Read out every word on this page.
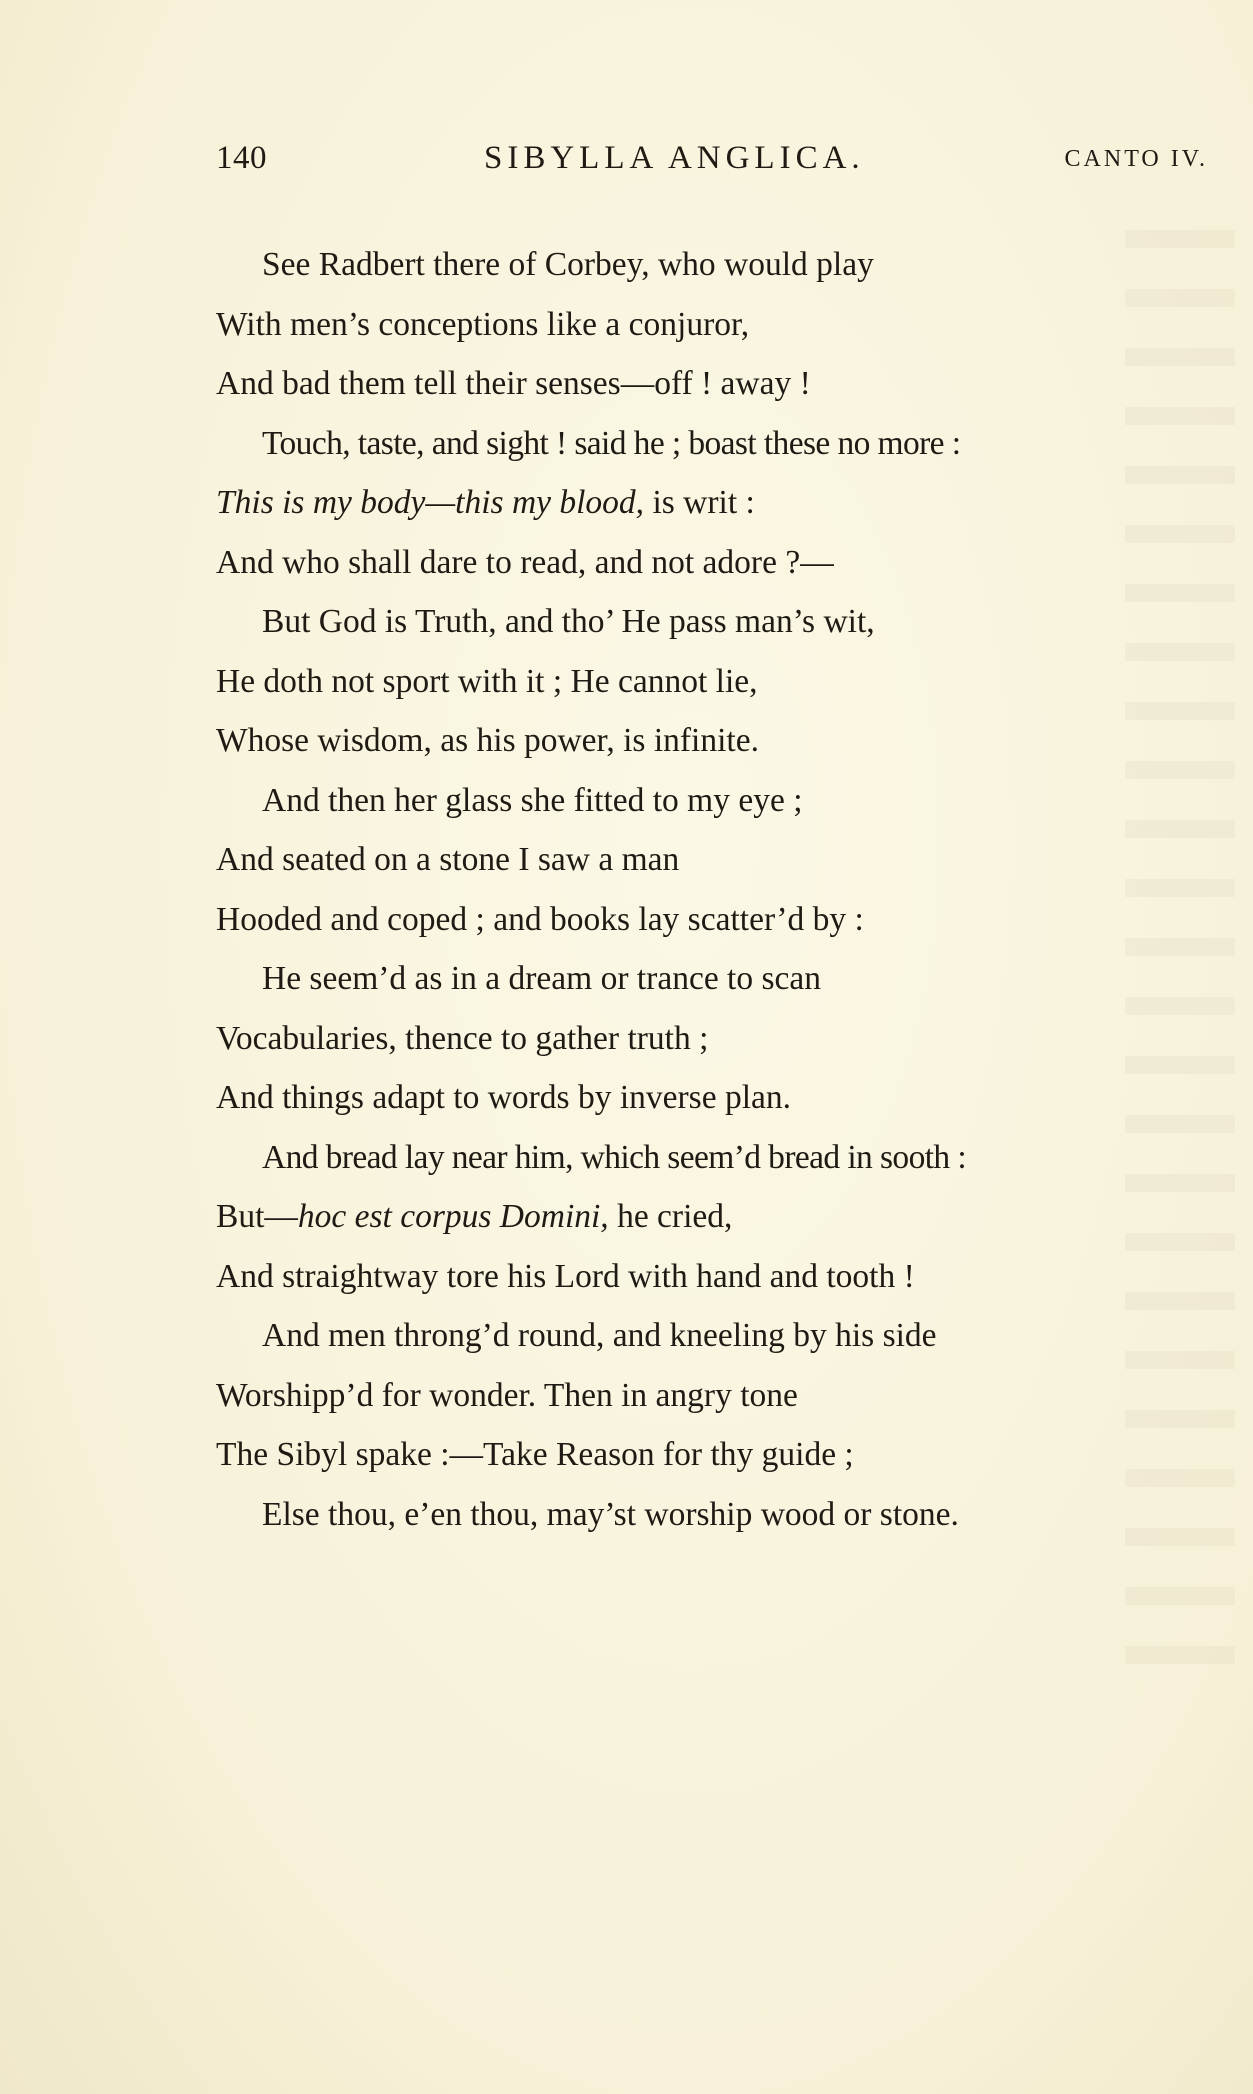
140	SIBYLLA ANGLICA.	CANTO IV.
See Radbert there of Corbey, who would play
With men’s conceptions like a conjuror,
And bad them tell their senses—off ! away !
Touch, taste, and sight ! said he ; boast these no more :
This is my body—this my blood, is writ :
And who shall dare to read, and not adore ?—
But God is Truth, and tho’ He pass man’s wit,
He doth not sport with it ; He cannot lie,
Whose wisdom, as his power, is infinite.
And then her glass she fitted to my eye ;
And seated on a stone I saw a man
Hooded and coped ; and books lay scatter’d by :
He seem’d as in a dream or trance to scan
Vocabularies, thence to gather truth ;
And things adapt to words by inverse plan.
And bread lay near him, which seem’d bread in sooth :
But—hoc est corpus Domini, he cried,
And straightway tore his Lord with hand and tooth !
And men throng’d round, and kneeling by his side
Worshipp’d for wonder. Then in angry tone
The Sibyl spake :—Take Reason for thy guide ;
Else thou, e’en thou, may’st worship wood or stone.
